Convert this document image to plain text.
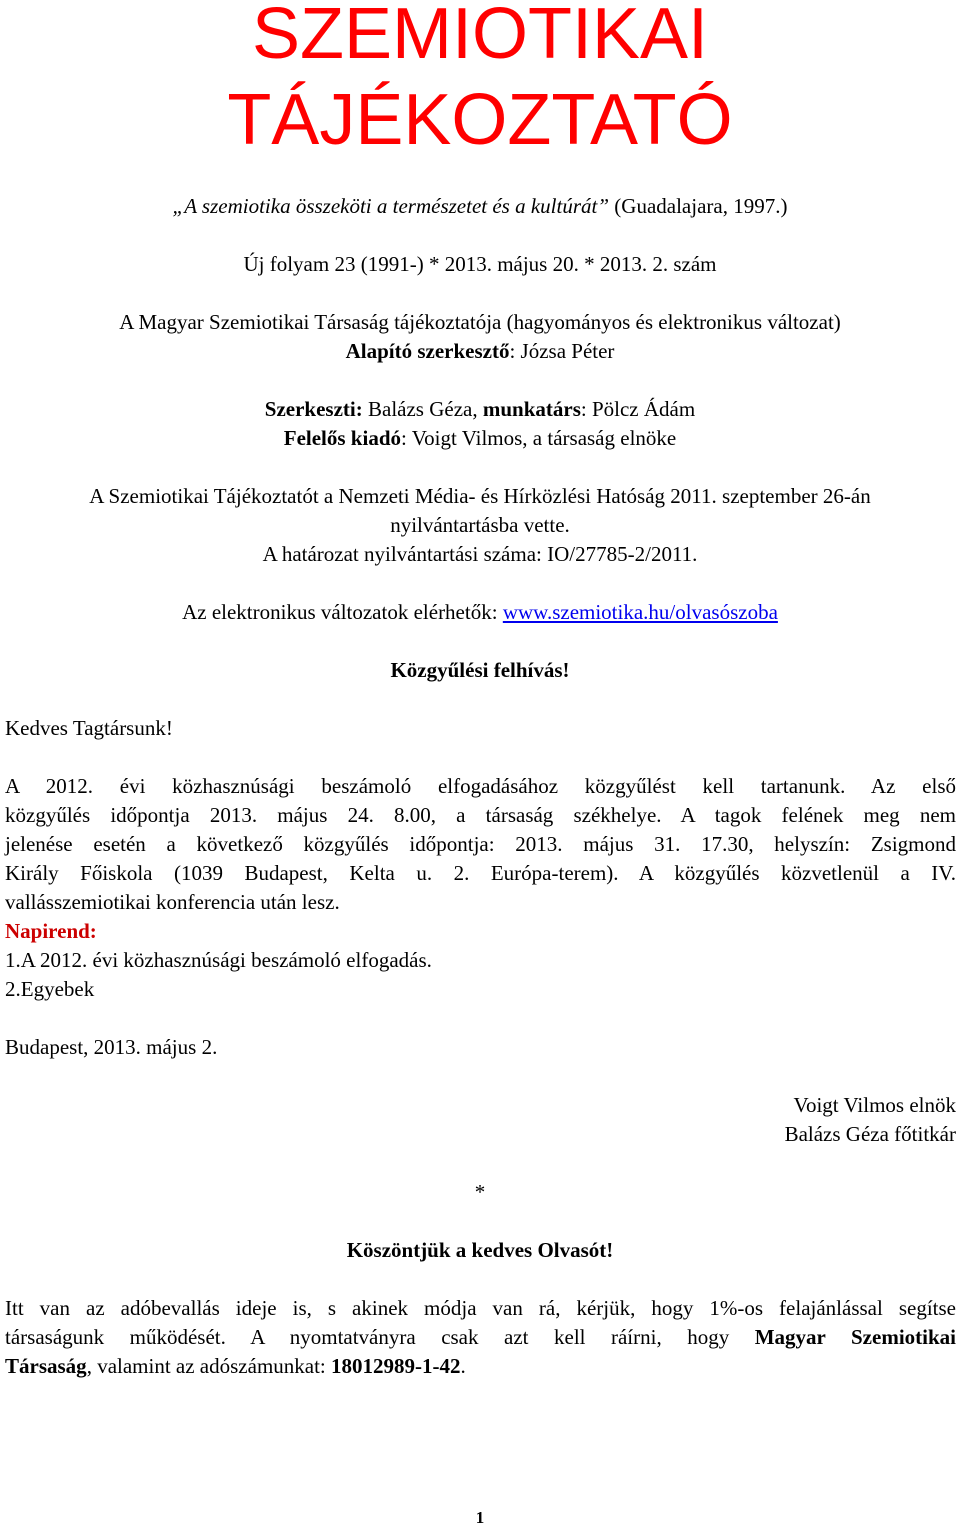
SZEMIOTIKAI
TÁJÉKOZTATÓ
„A szemiotika összeköti a természetet és a kultúrát” (Guadalajara, 1997.)
Új folyam 23 (1991-) * 2013. május 20. * 2013. 2. szám
A Magyar Szemiotikai Társaság tájékoztatója (hagyományos és elektronikus változat)
Alapító szerkesztő: Józsa Péter
Szerkeszti: Balázs Géza, munkatárs: Pölcz Ádám
Felelős kiadó: Voigt Vilmos, a társaság elnöke
A Szemiotikai Tájékoztatót a Nemzeti Média- és Hírközlési Hatóság 2011. szeptember 26-án
nyilvántartásba vette.
A határozat nyilvántartási száma: IO/27785-2/2011.
Az elektronikus változatok elérhetők: www.szemiotika.hu/olvasószoba
Közgyűlési felhívás!
Kedves Tagtársunk!
A 2012. évi közhasznúsági beszámoló elfogadásához közgyűlést kell tartanunk. Az első
közgyűlés időpontja 2013. május 24. 8.00, a társaság székhelye. A tagok felének meg nem
jelenése esetén a következő közgyűlés időpontja: 2013. május 31. 17.30, helyszín: Zsigmond
Király Főiskola (1039 Budapest, Kelta u. 2. Európa-terem). A közgyűlés közvetlenül a IV.
vallásszemiotikai konferencia után lesz.
Napirend:
1.A 2012. évi közhasznúsági beszámoló elfogadás.
2.Egyebek
Budapest, 2013. május 2.
Voigt Vilmos elnök
Balázs Géza főtitkár
*
Köszöntjük a kedves Olvasót!
Itt van az adóbevallás ideje is, s akinek módja van rá, kérjük, hogy 1%-os felajánlással segítse
társaságunk működését. A nyomtatványra csak azt kell ráírni, hogy Magyar Szemiotikai
Társaság, valamint az adószámunkat: 18012989-1-42.
1
